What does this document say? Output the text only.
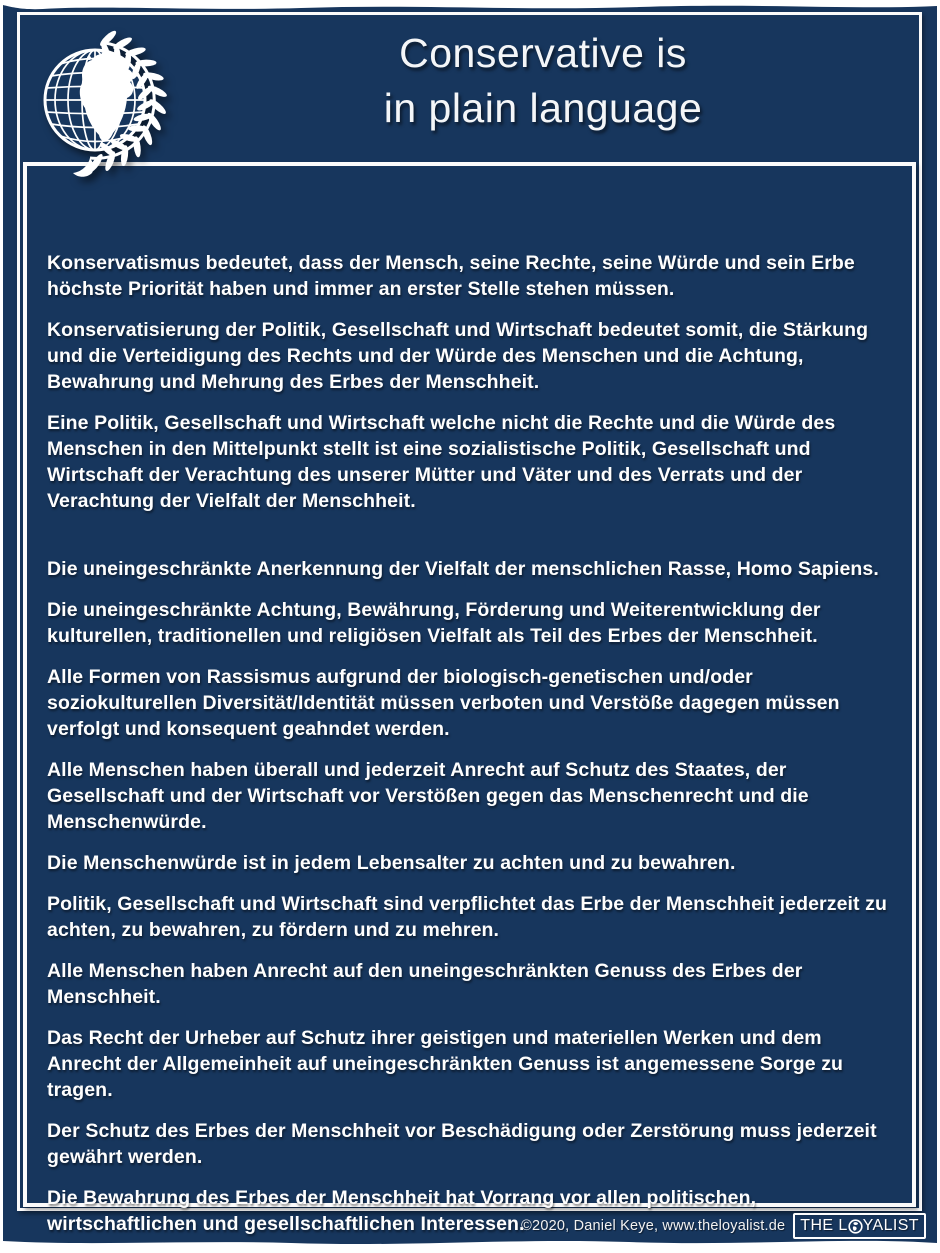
Conservative is
in plain language

Konservatismus bedeutet, dass der Mensch, seine Rechte, seine Würde und sein Erbe höchste Priorität haben und immer an erster Stelle stehen müssen.

Konservatisierung der Politik, Gesellschaft und Wirtschaft bedeutet somit, die Stärkung und die Verteidigung des Rechts und der Würde des Menschen und die Achtung, Bewahrung und Mehrung des Erbes der Menschheit.

Eine Politik, Gesellschaft und Wirtschaft welche nicht die Rechte und die Würde des Menschen in den Mittelpunkt stellt ist eine sozialistische Politik, Gesellschaft und Wirtschaft der Verachtung des unserer Mütter und Väter und des Verrats und der Verachtung der Vielfalt der Menschheit.

Die uneingeschränkte Anerkennung der Vielfalt der menschlichen Rasse, Homo Sapiens.

Die uneingeschränkte Achtung, Bewährung, Förderung und Weiterentwicklung der kulturellen, traditionellen und religiösen Vielfalt als Teil des Erbes der Menschheit.

Alle Formen von Rassismus aufgrund der biologisch-genetischen und/oder soziokulturellen Diversität/Identität müssen verboten und Verstöße dagegen müssen verfolgt und konsequent geahndet werden.

Alle Menschen haben überall und jederzeit Anrecht auf Schutz des Staates, der Gesellschaft und der Wirtschaft vor Verstößen gegen das Menschenrecht und die Menschenwürde.

Die Menschenwürde ist in jedem Lebensalter zu achten und zu bewahren.

Politik, Gesellschaft und Wirtschaft sind verpflichtet das Erbe der Menschheit jederzeit zu achten, zu bewahren, zu fördern und zu mehren.

Alle Menschen haben Anrecht auf den uneingeschränkten Genuss des Erbes der Menschheit.

Das Recht der Urheber auf Schutz ihrer geistigen und materiellen Werken und dem Anrecht der Allgemeinheit auf uneingeschränkten Genuss ist angemessene Sorge zu tragen.

Der Schutz des Erbes der Menschheit vor Beschädigung oder Zerstörung muss jederzeit gewährt werden.

Die Bewahrung des Erbes der Menschheit hat Vorrang vor allen politischen, wirtschaftlichen und gesellschaftlichen Interessen.

©2020, Daniel Keye, www.theloyalist.de THE L YALIST
